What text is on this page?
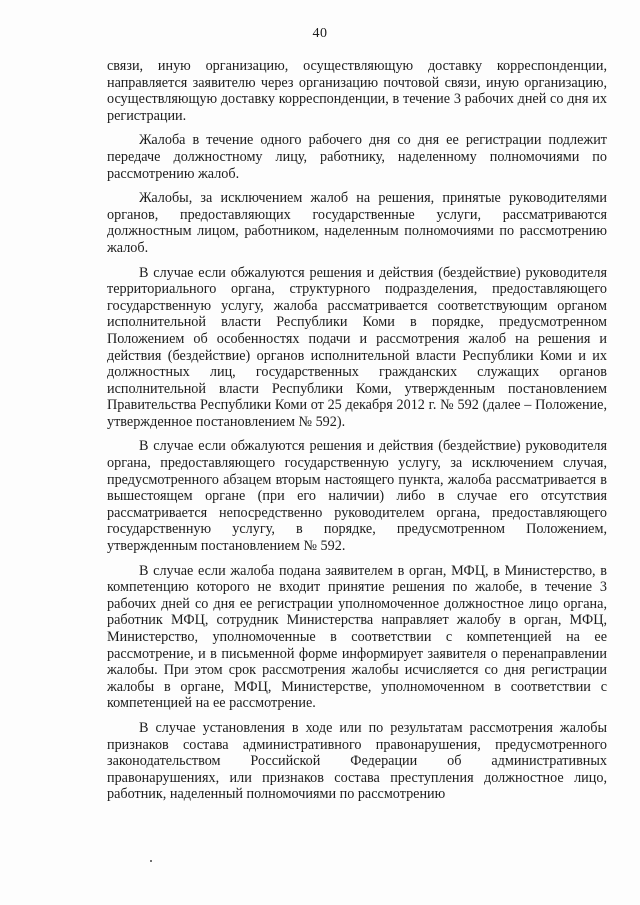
40

связи, иную организацию, осуществляющую доставку корреспонденции, направляется заявителю через организацию почтовой связи, иную организацию, осуществляющую доставку корреспонденции, в течение 3 рабочих дней со дня их регистрации.

Жалоба в течение одного рабочего дня со дня ее регистрации подлежит передаче должностному лицу, работнику, наделенному полномочиями по рассмотрению жалоб.

Жалобы, за исключением жалоб на решения, принятые руководителями органов, предоставляющих государственные услуги, рассматриваются должностным лицом, работником, наделенным полномочиями по рассмотрению жалоб.

В случае если обжалуются решения и действия (бездействие) руководителя территориального органа, структурного подразделения, предоставляющего государственную услугу, жалоба рассматривается соответствующим органом исполнительной власти Республики Коми в порядке, предусмотренном Положением об особенностях подачи и рассмотрения жалоб на решения и действия (бездействие) органов исполнительной власти Республики Коми и их должностных лиц, государственных гражданских служащих органов исполнительной власти Республики Коми, утвержденным постановлением Правительства Республики Коми от 25 декабря 2012 г. № 592 (далее – Положение, утвержденное постановлением № 592).

В случае если обжалуются решения и действия (бездействие) руководителя органа, предоставляющего государственную услугу, за исключением случая, предусмотренного абзацем вторым настоящего пункта, жалоба рассматривается в вышестоящем органе (при его наличии) либо в случае его отсутствия рассматривается непосредственно руководителем органа, предоставляющего государственную услугу, в порядке, предусмотренном Положением, утвержденным постановлением № 592.

В случае если жалоба подана заявителем в орган, МФЦ, в Министерство, в компетенцию которого не входит принятие решения по жалобе, в течение 3 рабочих дней со дня ее регистрации уполномоченное должностное лицо органа, работник МФЦ, сотрудник Министерства направляет жалобу в орган, МФЦ, Министерство, уполномоченные в соответствии с компетенцией на ее рассмотрение, и в письменной форме информирует заявителя о перенаправлении жалобы. При этом срок рассмотрения жалобы исчисляется со дня регистрации жалобы в органе, МФЦ, Министерстве, уполномоченном в соответствии с компетенцией на ее рассмотрение.

В случае установления в ходе или по результатам рассмотрения жалобы признаков состава административного правонарушения, предусмотренного законодательством Российской Федерации об административных правонарушениях, или признаков состава преступления должностное лицо, работник, наделенный полномочиями по рассмотрению
